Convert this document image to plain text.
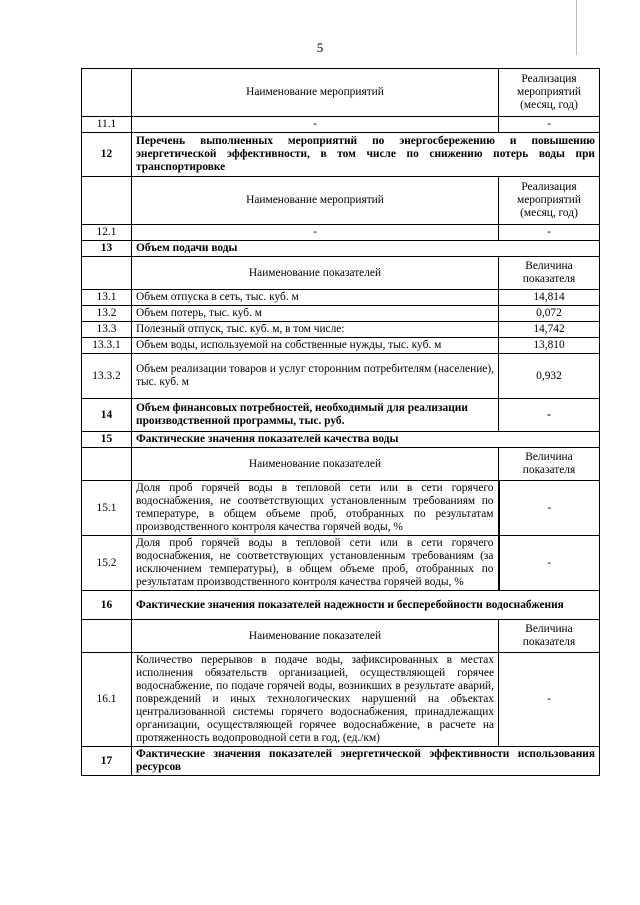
5
	Наименование мероприятий	Реализация мероприятий (месяц, год)
11.1	-	-
12	Перечень выполненных мероприятий по энергосбережению и повышению энергетической эффективности, в том числе по снижению потерь воды при транспортировке	
	Наименование мероприятий	Реализация мероприятий (месяц, год)
12.1	-	-
13	Объем подачи воды	
	Наименование показателей	Величина показателя
13.1	Объем отпуска в сеть, тыс. куб. м	14,814
13.2	Объем потерь, тыс. куб. м	0,072
13.3	Полезный отпуск, тыс. куб. м, в том числе:	14,742
13.3.1	Объем воды, используемой на собственные нужды, тыс. куб. м	13,810
13.3.2	Объем реализации товаров и услуг сторонним потребителям (население), тыс. куб. м	0,932
14	Объем финансовых потребностей, необходимый для реализации производственной программы, тыс. руб.	-
15	Фактические значения показателей качества воды	
	Наименование показателей	Величина показателя
15.1	Доля проб горячей воды в тепловой сети или в сети горячего водоснабжения, не соответствующих установленным требованиям по температуре, в общем объеме проб, отобранных по результатам производственного контроля качества горячей воды, %	-
15.2	Доля проб горячей воды в тепловой сети или в сети горячего водоснабжения, не соответствующих установленным требованиям (за исключением температуры), в общем объеме проб, отобранных по результатам производственного контроля качества горячей воды, %	-
16	Фактические значения показателей надежности и бесперебойности водоснабжения	
	Наименование показателей	Величина показателя
16.1	Количество перерывов в подаче воды, зафиксированных в местах исполнения обязательств организацией, осуществляющей горячее водоснабжение, по подаче горячей воды, возникших в результате аварий, повреждений и иных технологических нарушений на объектах централизованной системы горячего водоснабжения, принадлежащих организации, осуществляющей горячее водоснабжение, в расчете на протяженность водопроводной сети в год, (ед./км)	-
17	Фактические значения показателей энергетической эффективности использования ресурсов	
